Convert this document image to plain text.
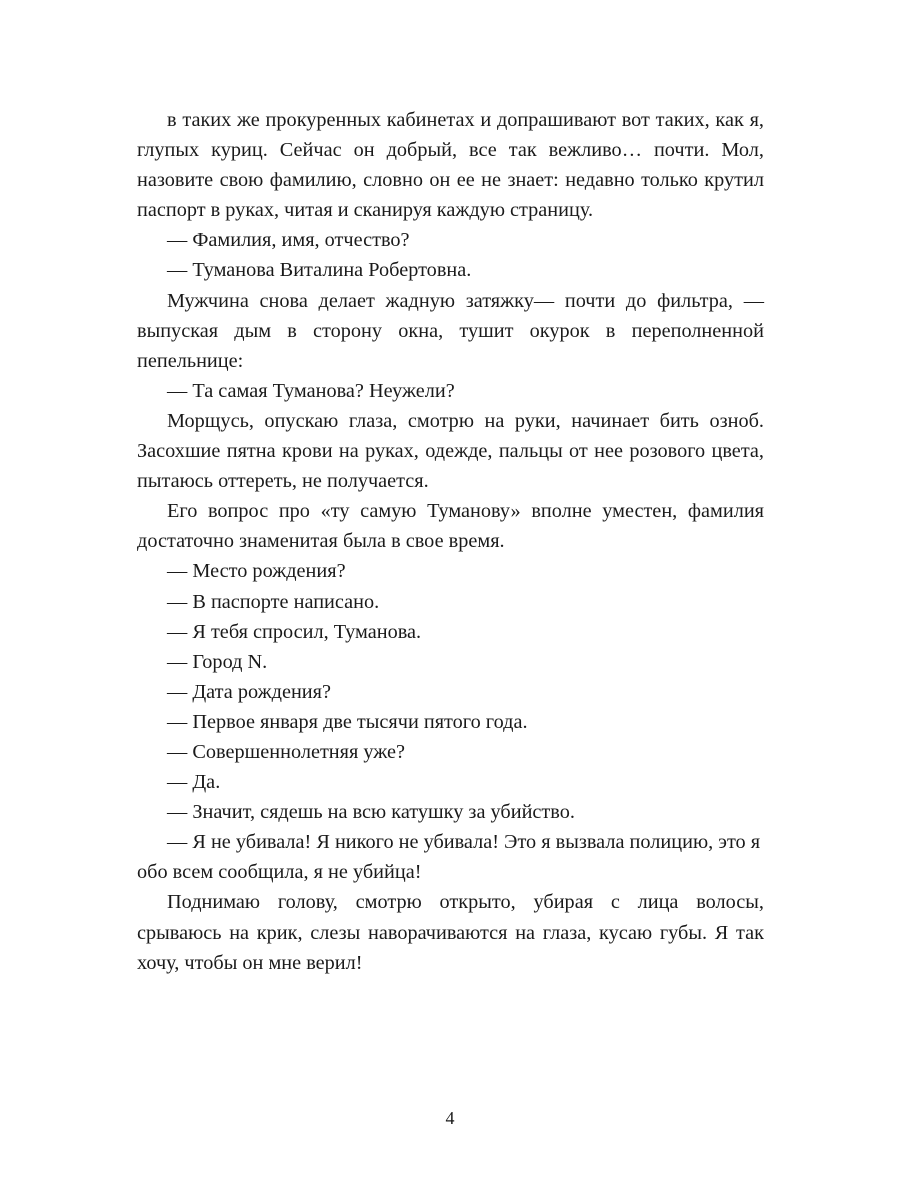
в таких же прокуренных кабинетах и допрашивают вот таких, как я, глупых куриц. Сейчас он добрый, все так вежливо… почти. Мол, назовите свою фамилию, словно он ее не знает: недавно только крутил паспорт в руках, читая и сканируя каждую страницу.

— Фамилия, имя, отчество?

— Туманова Виталина Робертовна.

Мужчина снова делает жадную затяжку— почти до фильтра, — выпуская дым в сторону окна, тушит окурок в переполненной пепельнице:

— Та самая Туманова? Неужели?

Морщусь, опускаю глаза, смотрю на руки, начинает бить озноб. Засохшие пятна крови на руках, одежде, пальцы от нее розового цвета, пытаюсь оттереть, не получается.

Его вопрос про «ту самую Туманову» вполне уместен, фамилия достаточно знаменитая была в свое время.

— Место рождения?

— В паспорте написано.

— Я тебя спросил, Туманова.

— Город N.

— Дата рождения?

— Первое января две тысячи пятого года.

— Совершеннолетняя уже?

— Да.

— Значит, сядешь на всю катушку за убийство.

— Я не убивала! Я никого не убивала! Это я вызвала полицию, это я обо всем сообщила, я не убийца!

Поднимаю голову, смотрю открыто, убирая с лица волосы, срываюсь на крик, слезы наворачиваются на глаза, кусаю губы. Я так хочу, чтобы он мне верил!

4
